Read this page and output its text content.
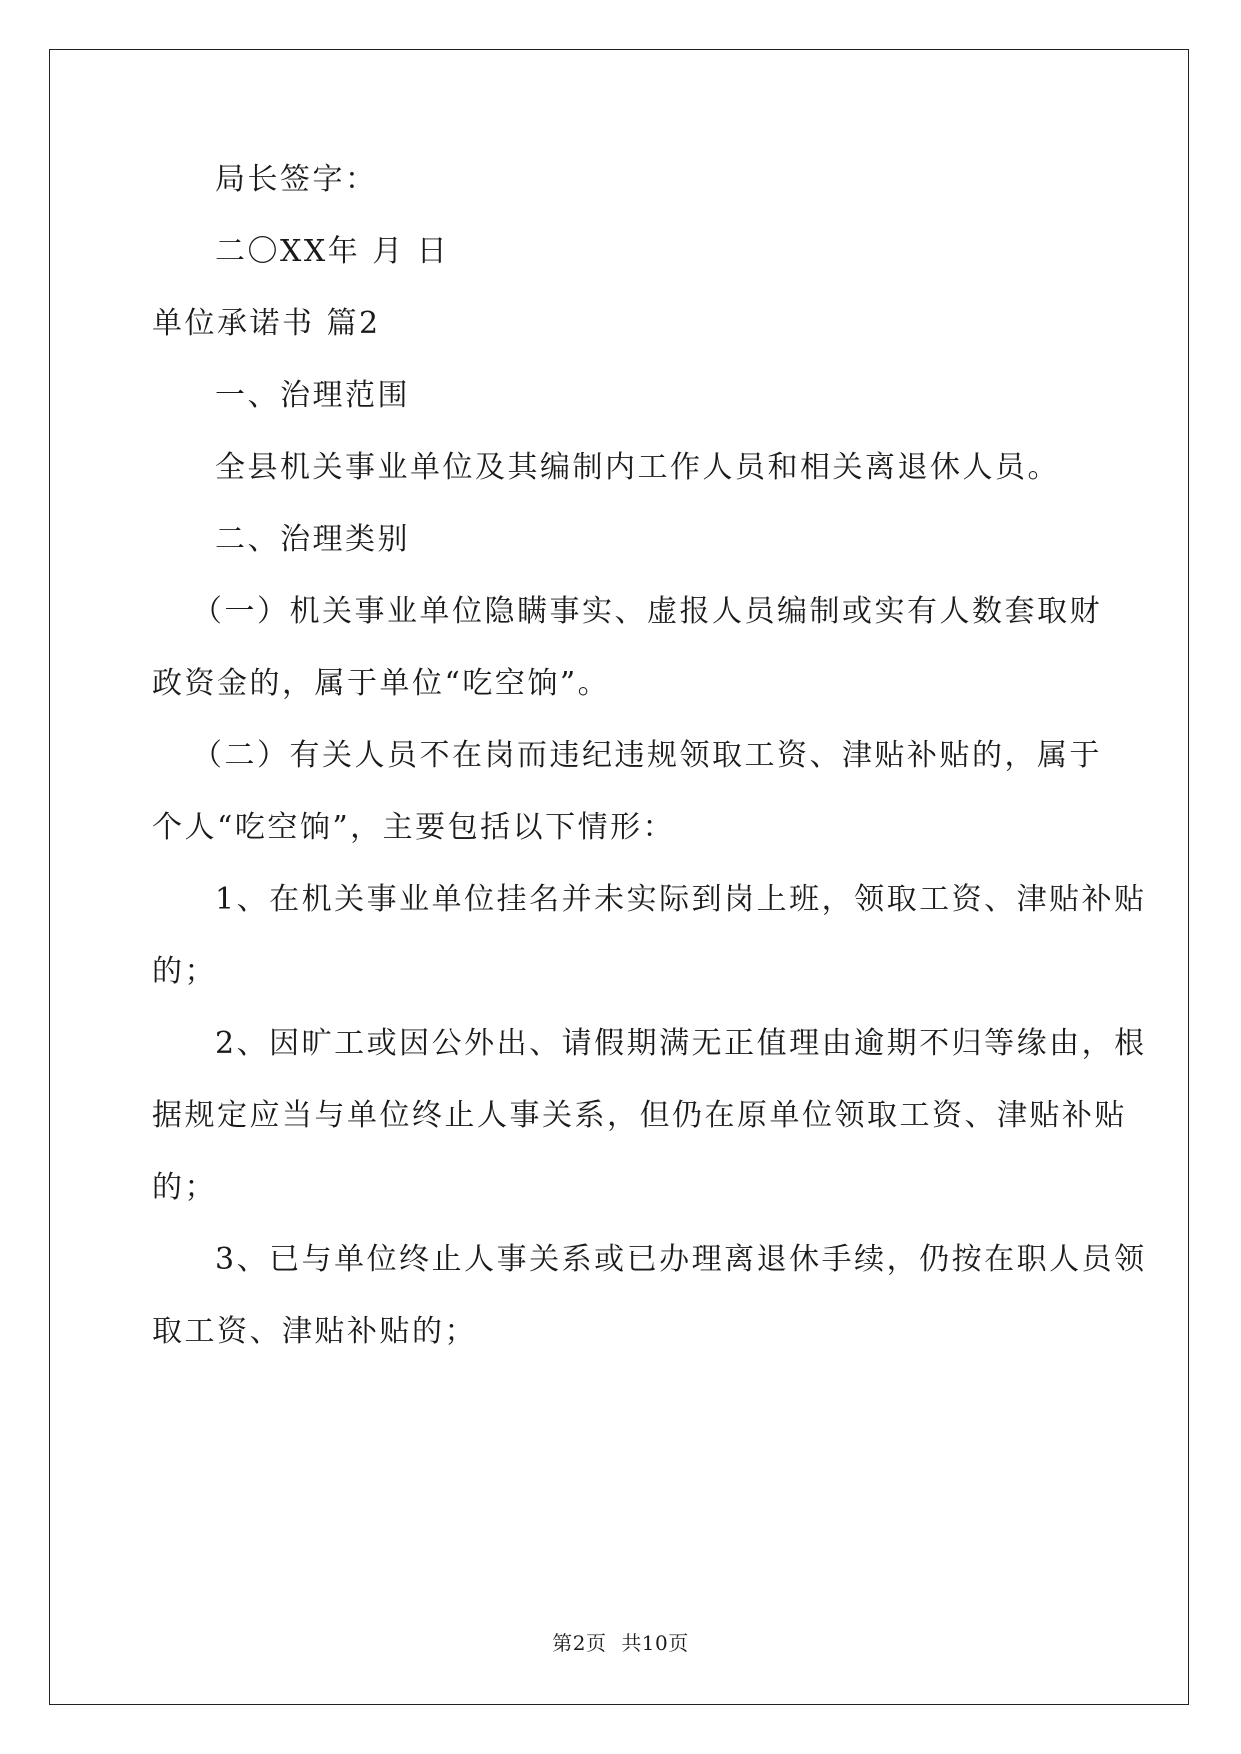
局长签字：
二〇XX年 月 日
单位承诺书 篇2
一、治理范围
全县机关事业单位及其编制内工作人员和相关离退休人员。
二、治理类别
（一）机关事业单位隐瞒事实、虚报人员编制或实有人数套取财
政资金的，属于单位“吃空饷”。
（二）有关人员不在岗而违纪违规领取工资、津贴补贴的，属于
个人“吃空饷”，主要包括以下情形：
1、在机关事业单位挂名并未实际到岗上班，领取工资、津贴补贴
的；
2、因旷工或因公外出、请假期满无正值理由逾期不归等缘由，根
据规定应当与单位终止人事关系，但仍在原单位领取工资、津贴补贴
的；
3、已与单位终止人事关系或已办理离退休手续，仍按在职人员领
取工资、津贴补贴的；
第2页 共10页
